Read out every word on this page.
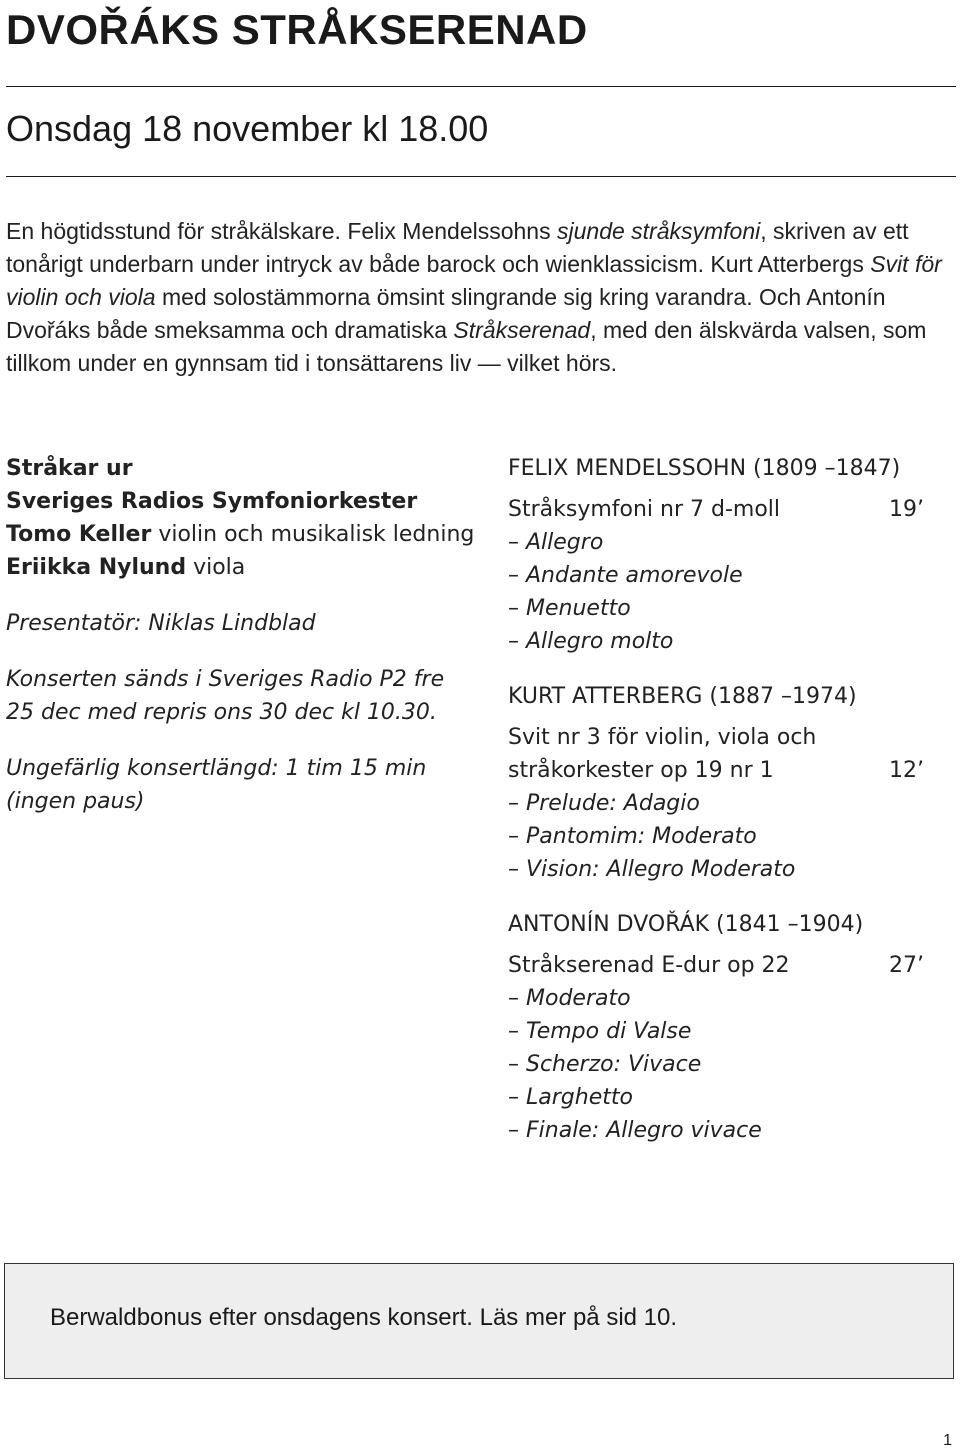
DVOŘÁKS STRÅKSERENAD
Onsdag 18 november kl 18.00

En högtidsstund för stråkälskare. Felix Mendelssohns sjunde stråksymfoni, skriven av ett tonårigt underbarn under intryck av både barock och wienklassicism. Kurt Atterbergs Svit för violin och viola med solostämmorna ömsint slingrande sig kring varandra. Och Antonín Dvořáks både smeksamma och dramatiska Stråkserenad, med den älskvärda valsen, som tillkom under en gynnsam tid i tonsättarens liv — vilket hörs.

Stråkar ur
Sveriges Radios Symfoniorkester

Tomo Keller violin och musikalisk ledning

Eriikka Nylund viola

Presentatör: Niklas Lindblad

Konserten sänds i Sveriges Radio P2 fre 25 dec med repris ons 30 dec kl 10.30.

Ungefärlig konsertlängd: 1 tim 15 min (ingen paus)

FELIX MENDELSSOHN (1809 –1847)

Stråksymfoni nr 7 d-moll	19’

– Allegro

– Andante amorevole

– Menuetto

– Allegro molto

KURT ATTERBERG (1887 –1974)

Svit nr 3 för violin, viola och

stråkorkester op 19 nr 1	12’

– Prelude: Adagio

– Pantomim: Moderato

– Vision: Allegro Moderato

ANTONÍN DVOŘÁK (1841 –1904)

Stråkserenad E-dur op 22	27’

– Moderato

– Tempo di Valse

– Scherzo: Vivace

– Larghetto

– Finale: Allegro vivace

Berwaldbonus efter onsdagens konsert. Läs mer på sid 10.

1
